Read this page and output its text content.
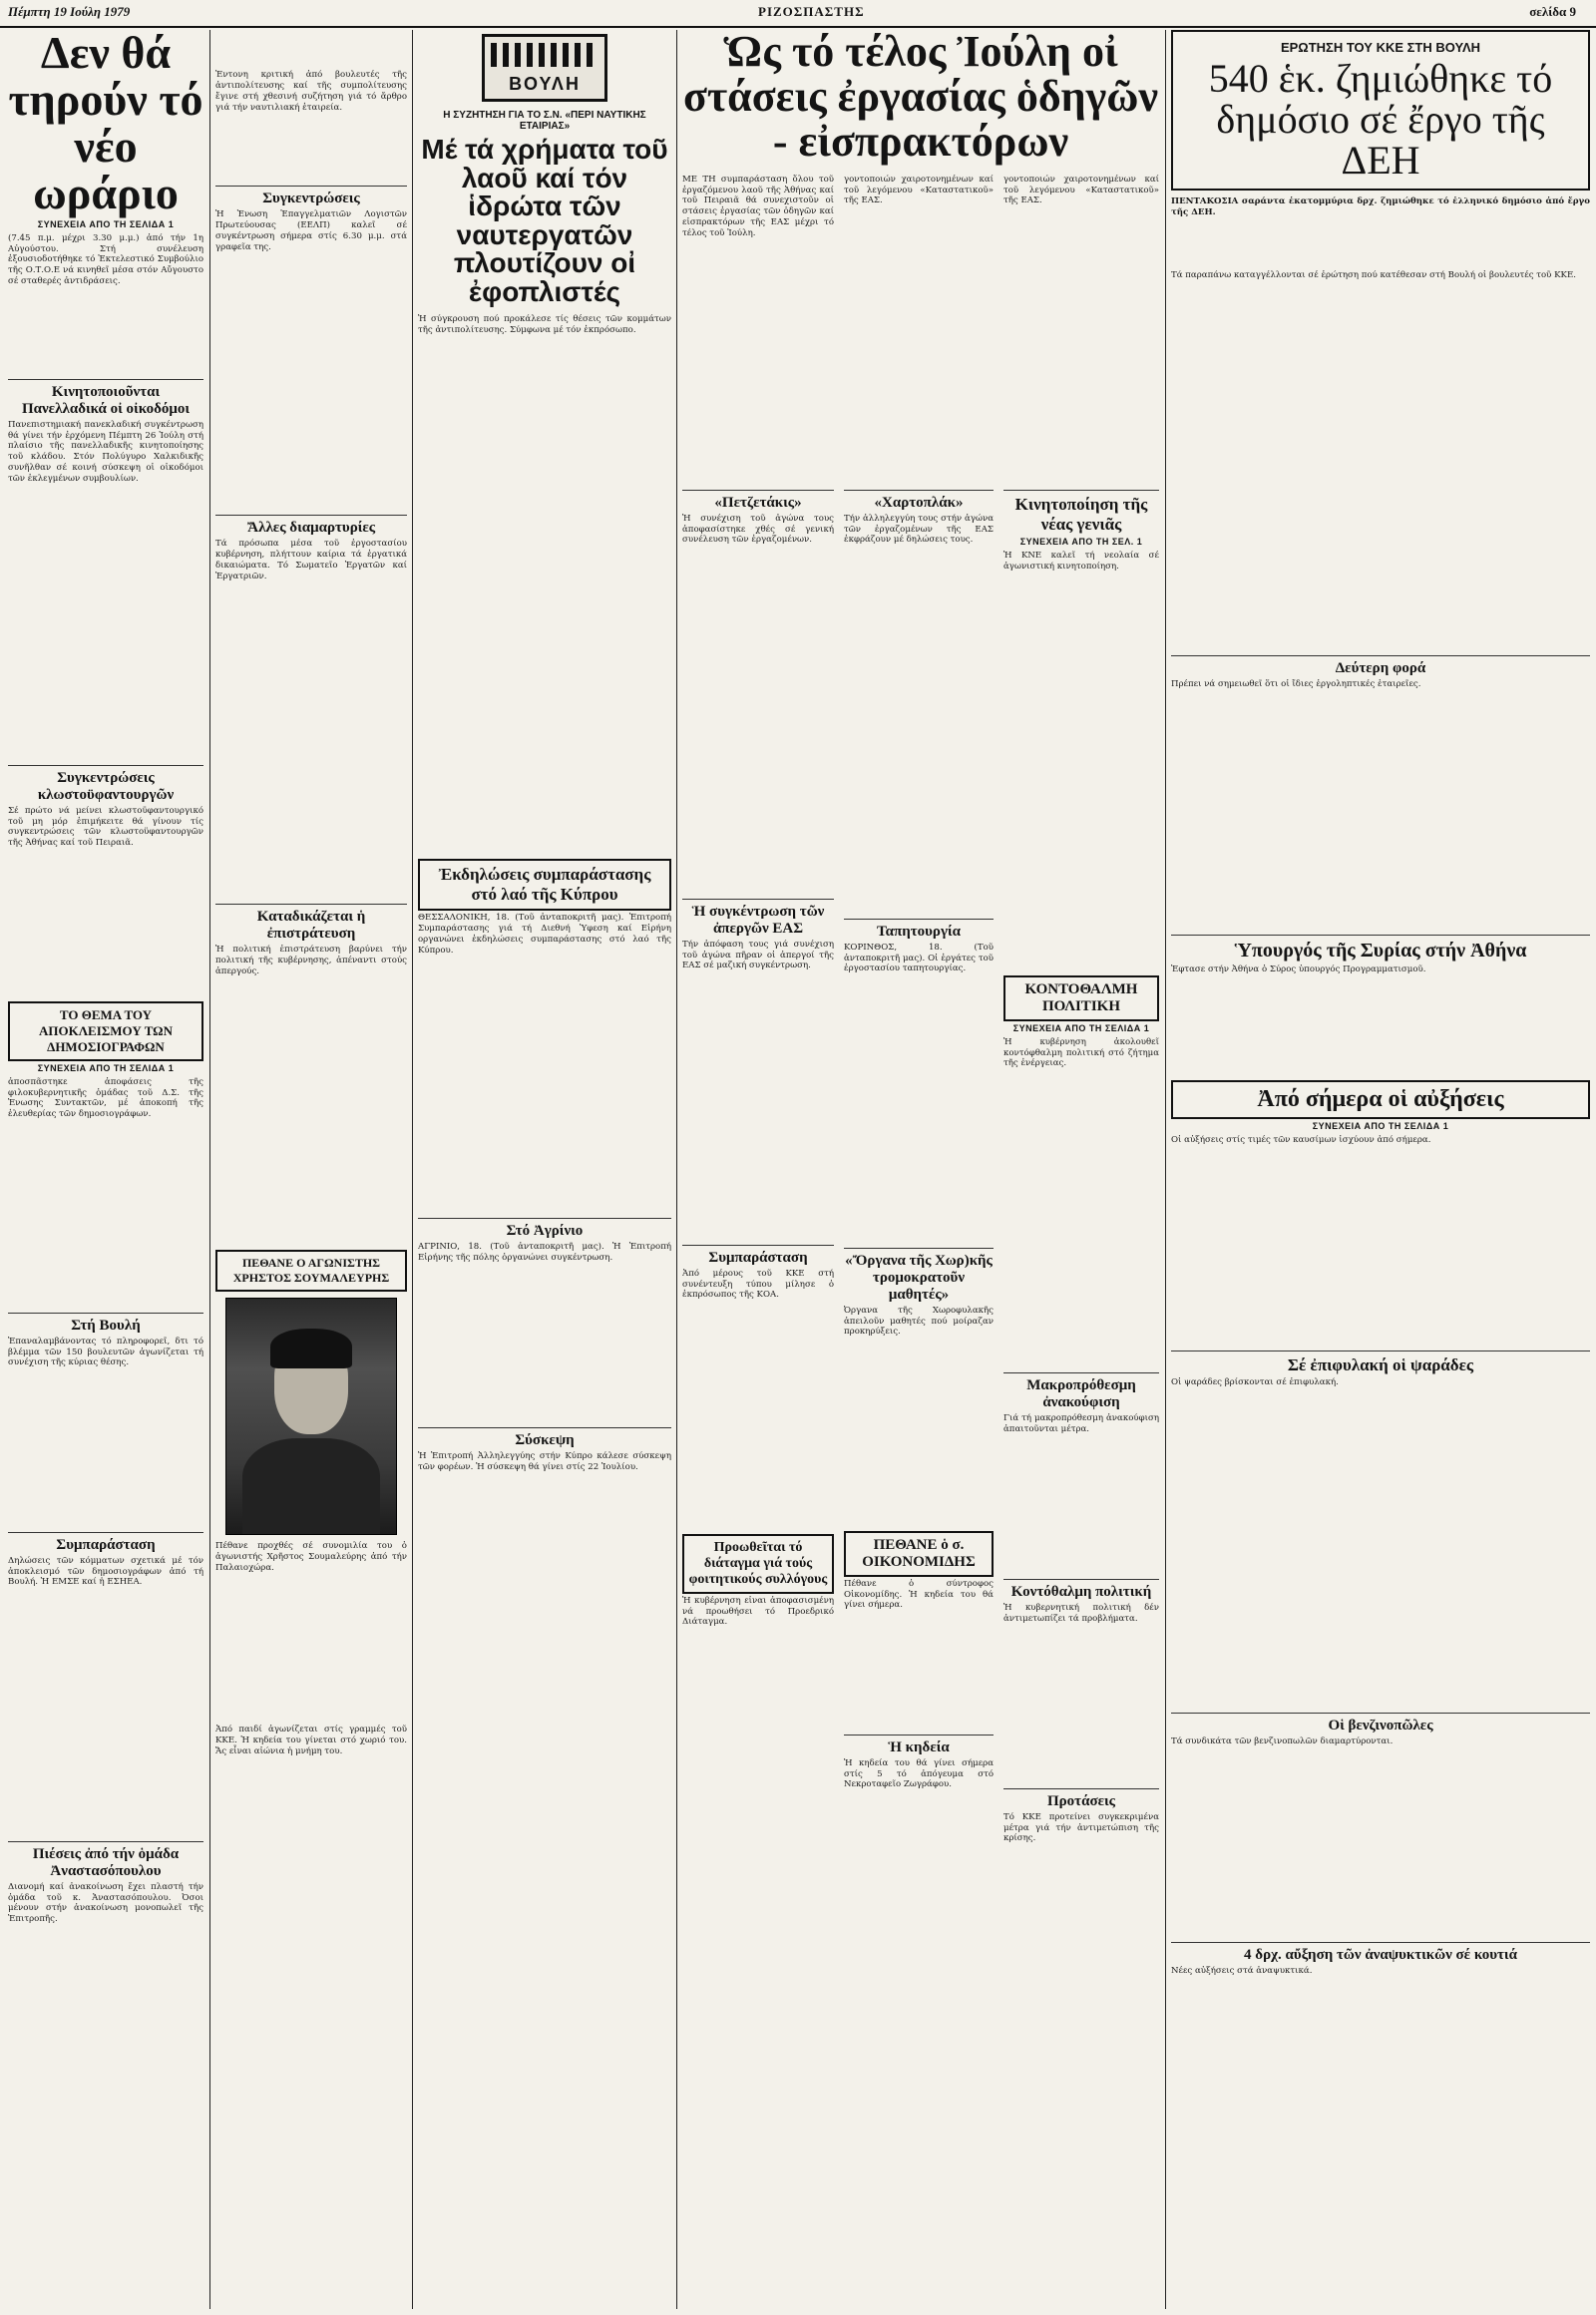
Πέμπτη 19 Ιούλη 1979	ΡΙΖΟΣΠΑΣΤΗΣ	σελίδα 9
Δεν θά τηρούν τό νέο ωράριο
ΣΥΝΕΧΕΙΑ ΑΠΟ ΤΗ ΣΕΛΙΔΑ 1

(7.45 π.μ. μέχρι 3.30 μ.μ.) ἀπό τήν 1η Αὐγούστου. Στή συνέλευση ἐξουσιοδοτήθηκε τό Ἐκτελεστικό Συμβούλιο τῆς Ο.Τ.Ο.Ε νά κινηθεῖ μέσα στόν Αὔγουστο σέ σταθερές ἀντιδράσεις.

Κινητοποιοῦνται Πανελλαδικά οἰ οἰκοδόμοι

Πανεπιστημιακή πανεκλαδική συγκέντρωση θά γίνει τήν ἐρχόμενη Πέμπτη 26 Ἰούλη στή πλαίσιο τῆς πανελλαδικῆς κινητοποίησης τοῦ κλάδου. Στόν Πολύγυρο Χαλκιδικῆς συνῆλθαν σέ κοινή σύσκεψη οἰ οἰκοδόμοι τῶν ἐκλεγμένων συμβουλίων.

Συγκεντρώσεις κλωστοϋφαντουργῶν

Σέ πρώτο νά μείνει κλωστοϋφαντουργικό τοῦ μη μόρ ἐπιμήκειτε θά γίνουν τίς συγκεντρώσεις τῶν κλωστοϋφαντουργῶν τῆς Ἀθήνας καί τοῦ Πειραιᾶ.

ΤΟ ΘΕΜΑ ΤΟΥ ΑΠΟΚΛΕΙΣΜΟΥ ΤΩΝ ΔΗΜΟΣΙΟΓΡΑΦΩΝ
ΣΥΝΕΧΕΙΑ ΑΠΟ ΤΗ ΣΕΛΙΔΑ 1

ἀποσπᾶστηκε ἀποφάσεις τῆς φιλοκυβερνητικῆς ὀμάδας τοῦ Δ.Σ. τῆς Ἑνωσης Συντακτῶν, μέ ἀποκοπή τῆς ἐλευθερίας τῶν δημοσιογράφων.

Στή Βουλή

Ἐπαναλαμβάνοντας τό πληροφορεῖ, δτι τό βλέμμα τῶν 150 βουλευτῶν ἀγωνίζεται τή συνέχιση τῆς κύριας θέσης.

Συμπαράσταση

Δηλώσεις τῶν κόμματων σχετικά μέ τόν ἀποκλεισμό τῶν δημοσιογράφων ἀπό τή Βουλή. Ἡ ΕΜΣΕ καί ἡ ΕΣΗΕΑ.

Πιέσεις ἀπό τήν ὁμάδα Ἀναστασόπουλου

Διανομή καί ἀνακοίνωση ἔχει πλαστή τήν ὁμάδα τοῦ κ. Ἀναστασόπουλου. Ὀσοι μένουν στήν ἀνακοίνωση μονοπωλεῖ τῆς Ἐπιτροπῆς.

Ἐντονη κριτική ἀπό βουλευτές τῆς ἀντιπολίτευσης καί τῆς συμπολίτευσης ἔγινε στή χθεσινή συζήτηση γιά τό ἄρθρο γιά τήν ναυτιλιακή ἑταιρεία.

Συγκεντρώσεις

Ἡ Ἑνωση Ἐπαγγελματιῶν Λογιστῶν Πρωτεύουσας (ΕΕΛΠ) καλεῖ σέ συγκέντρωση σήμερα στίς 6.30 μ.μ. στά γραφεῖα της.

Ἄλλες διαμαρτυρίες

Τά πρόσωπα μέσα τοῦ ἐργοστασίου κυβέρνηση, πλήττουν καίρια τά ἐργατικά δικαιώματα. Τό Σωματεῖο Ἐργατῶν καί Ἐργατριῶν.

Καταδικάζεται ἡ ἐπιστράτευση

Ἡ πολιτική ἐπιστράτευση βαρύνει τήν πολιτική τῆς κυβέρνησης, ἀπέναντι στούς ἀπεργούς.

ΠΕΘΑΝΕ Ο ΑΓΩΝΙΣΤΗΣ ΧΡΗΣΤΟΣ ΣΟΥΜΑΛΕΥΡΗΣ

Πέθανε προχθές σέ συνομιλία του ὁ ἀγωνιστής Χρῆστος Σουμαλεύρης ἀπό τήν Παλαιοχώρα.

Ἀπό παιδί ἀγωνίζεται στίς γραμμές τοῦ ΚΚΕ. Ἡ κηδεία του γίνεται στό χωριό του. Ἄς εἶναι αἰώνια ἡ μνήμη του.

ΒΟΥΛΗ
Η ΣΥΖΗΤΗΣΗ ΓΙΑ ΤΟ Σ.Ν. «ΠΕΡΙ ΝΑΥΤΙΚΗΣ ΕΤΑΙΡΙΑΣ»
Μέ τά χρήματα τοῦ λαοῦ καί τόν ἱδρώτα τῶν ναυτεργατῶν πλουτίζουν οἰ ἐφοπλιστές

Ἡ σύγκρουση πού προκάλεσε τίς θέσεις τῶν κομμάτων τῆς ἀντιπολίτευσης. Σύμφωνα μέ τόν ἐκπρόσωπο.

Ἐκδηλώσεις συμπαράστασης στό λαό τῆς Κύπρου

ΘΕΣΣΑΛΟΝΙΚΗ, 18. (Τοῦ ἀνταποκριτῆ μας). Ἐπιτροπή Συμπαράστασης γιά τή Διεθνή Ὑφεση καί Εἰρήνη οργανώνει ἐκδηλώσεις συμπαράστασης στό λαό τῆς Κύπρου.

Στό Ἀγρίνιο

ΑΓΡΙΝΙΟ, 18. (Τοῦ ἀνταποκριτῆ μας). Ἡ Ἐπιτροπή Εἰρήνης τῆς πόλης ὀργανώνει συγκέντρωση.

Σύσκεψη

Ἡ Ἐπιτροπή Ἀλληλεγγύης στήν Κύπρο κάλεσε σύσκεψη τῶν φορέων. Ἡ σύσκεψη θά γίνει στίς 22 Ἰουλίου.

Ὡς τό τέλος Ἰούλη οἰ στάσεις ἐργασίας ὁδηγῶν - εἰσπρακτόρων

ΜΕ ΤΗ συμπαράσταση ὅλου τοῦ ἐργαζόμενου λαοῦ τῆς Ἀθήνας καί τοῦ Πειραιᾶ θά συνεχιστοῦν οἰ στάσεις ἐργασίας τῶν ὁδηγῶν καί εἰσπρακτόρων τῆς ΕΑΣ μέχρι τό τέλος τοῦ Ἰούλη.

«Πετζετάκις»

Ἡ συνέχιση τοῦ ἀγώνα τους ἀποφασίστηκε χθές σέ γενική συνέλευση τῶν ἐργαζομένων.

Ἡ συγκέντρωση τῶν ἀπεργῶν ΕΑΣ

Τήν ἀπόφαση τους γιά συνέχιση τοῦ ἀγώνα πῆραν οἱ ἀπεργοί τῆς ΕΑΣ σέ μαζική συγκέντρωση.

Συμπαράσταση

Ἀπό μέρους τοῦ ΚΚΕ στή συνέντευξη τύπου μίλησε ὁ ἐκπρόσωπος τῆς ΚΟΑ.

Προωθεῖται τό διάταγμα γιά τούς φοιτητικούς συλλόγους

Ἡ κυβέρνηση εἶναι ἀποφασισμένη νά προωθήσει τό Προεδρικό Διάταγμα.

γοντοποιών χαιροτονημένων καί τοῦ λεγόμενου «Καταστατικοῦ» τῆς ΕΑΣ.

«Χαρτοπλάκ»

Τήν ἀλληλεγγύη τους στήν ἀγώνα τῶν ἐργαζομένων τῆς ΕΑΣ ἐκφράζουν μέ δηλώσεις τους.

Ταπητουργία

ΚΟΡΙΝΘΟΣ, 18. (Τοῦ ἀνταποκριτῆ μας). Οἰ ἐργάτες τοῦ ἐργοστασίου ταπητουργίας.

«Ὄργανα τῆς Χωρ)κῆς τρομοκρατοῦν μαθητές»

Ὀργανα τῆς Χωροφυλακῆς ἀπειλοῦν μαθητές πού μοίραζαν προκηρύξεις.

ΠΕΘΑΝΕ ὁ σ. ΟΙΚΟΝΟΜΙΔΗΣ

Πέθανε ὁ σύντροφος Οἰκονομίδης. Ἡ κηδεία του θά γίνει σήμερα.

Ἡ κηδεία

Ἡ κηδεία του θά γίνει σήμερα στίς 5 τό ἀπόγευμα στό Νεκροταφεῖο Ζωγράφου.

γοντοποιών χαιροτονημένων καί τοῦ λεγόμενου «Καταστατικοῦ» τῆς ΕΑΣ.

Κινητοποίηση τῆς νέας γενιᾶς
ΣΥΝΕΧΕΙΑ ΑΠΟ ΤΗ ΣΕΛ. 1

Ἡ ΚΝΕ καλεῖ τή νεολαία σέ ἀγωνιστική κινητοποίηση.

ΚΟΝΤΟΘΑΛΜΗ ΠΟΛΙΤΙΚΗ
ΣΥΝΕΧΕΙΑ ΑΠΟ ΤΗ ΣΕΛΙΔΑ 1

Ἡ κυβέρνηση ἀκολουθεῖ κοντόφθαλμη πολιτική στό ζήτημα τῆς ἐνέργειας.

Μακροπρόθεσμη ἀνακούφιση

Γιά τή μακροπρόθεσμη ἀνακούφιση ἀπαιτοῦνται μέτρα.

Κοντόθαλμη πολιτική

Ἡ κυβερνητική πολιτική δέν ἀντιμετωπίζει τά προβλήματα.

Προτάσεις

Τό ΚΚΕ προτείνει συγκεκριμένα μέτρα γιά τήν ἀντιμετώπιση τῆς κρίσης.

ΕΡΩΤΗΣΗ ΤΟΥ ΚΚΕ ΣΤΗ ΒΟΥΛΗ
540 ἑκ. ζημιώθηκε τό δημόσιο σέ ἔργο τῆς ΔΕΗ

ΠΕΝΤΑΚΟΣΙΑ σαράντα ἑκατομμύρια δρχ. ζημιώθηκε τό ἑλληνικό δημόσιο ἀπό ἔργο τῆς ΔΕΗ.

Τά παραπάνω καταγγέλλονται σέ ἐρώτηση πού κατέθεσαν στή Βουλή οἱ βουλευτές τοῦ ΚΚΕ.

Δεύτερη φορά

Πρέπει νά σημειωθεῖ ὅτι οἱ ἴδιες ἐργοληπτικές ἑταιρεῖες.

Ὑπουργός τῆς Συρίας στήν Ἀθήνα

Ἐφτασε στήν Ἀθήνα ὁ Σύρος ὑπουργός Προγραμματισμοῦ.

Ἀπό σήμερα οἱ αὐξήσεις
ΣΥΝΕΧΕΙΑ ΑΠΟ ΤΗ ΣΕΛΙΔΑ 1

Οἱ αὐξήσεις στίς τιμές τῶν καυσίμων ἰσχύουν ἀπό σήμερα.

Σέ ἐπιφυλακή οἱ ψαράδες

Οἱ ψαράδες βρίσκονται σέ ἐπιφυλακή.

Οἱ βενζινοπῶλες

Τά συνδικάτα τῶν βενζινοπωλῶν διαμαρτύρονται.

4 δρχ. αὔξηση τῶν ἀναψυκτικῶν σέ κουτιά

Νέες αὐξήσεις στά ἀναψυκτικά.
